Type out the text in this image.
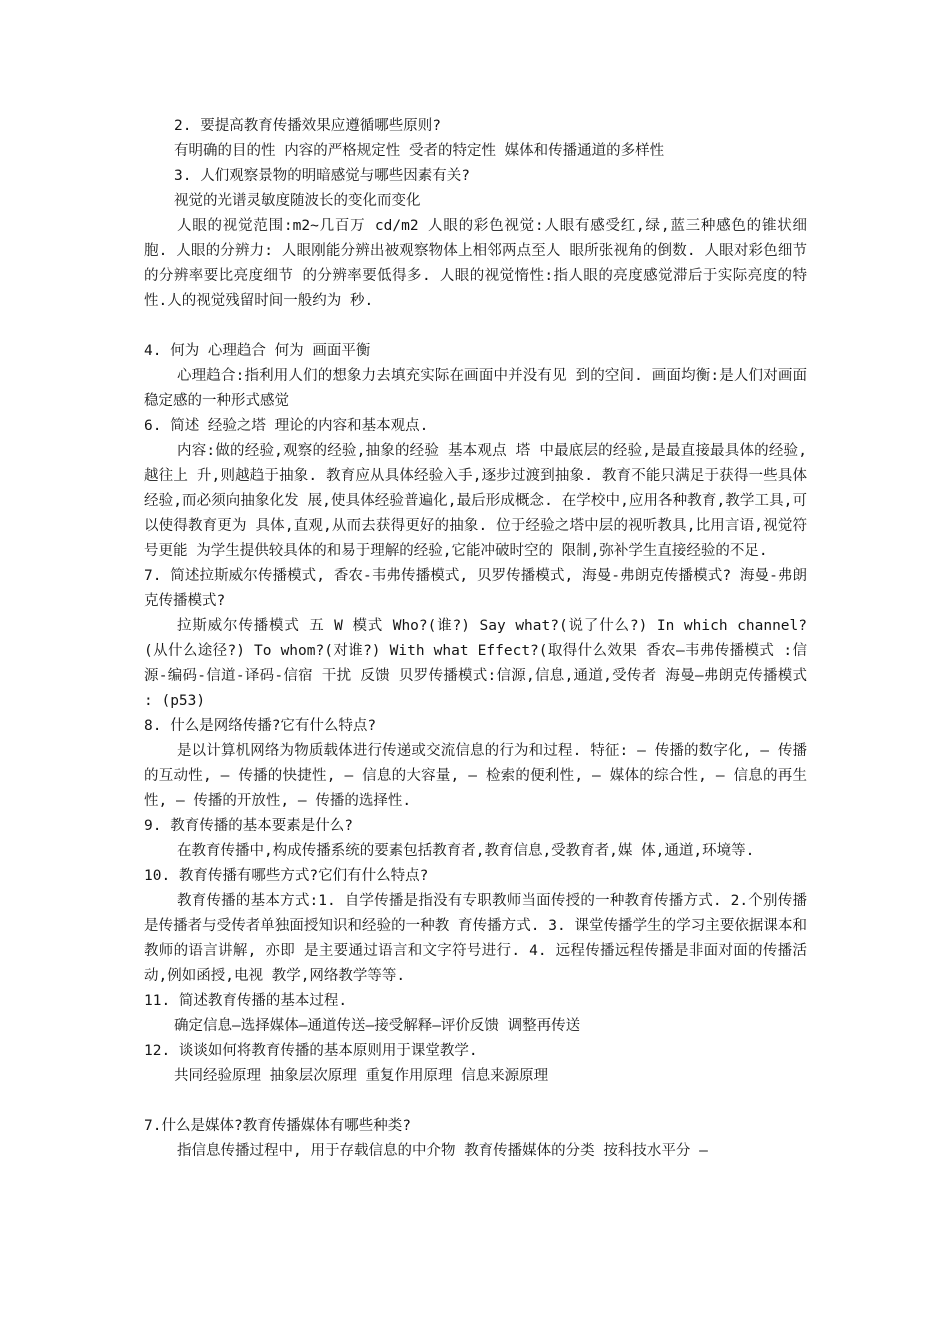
2. 要提高教育传播效果应遵循哪些原则?
有明确的目的性 内容的严格规定性 受者的特定性 媒体和传播通道的多样性
3. 人们观察景物的明暗感觉与哪些因素有关?
视觉的光谱灵敏度随波长的变化而变化
人眼的视觉范围:m2~几百万 cd/m2 人眼的彩色视觉:人眼有感受红,绿,蓝三种感色的锥状细 胞. 人眼的分辨力: 人眼刚能分辨出被观察物体上相邻两点至人 眼所张视角的倒数. 人眼对彩色细节的分辨率要比亮度细节 的分辨率要低得多. 人眼的视觉惰性:指人眼的亮度感觉滞后于实际亮度的特 性.人的视觉残留时间一般约为 秒.
4. 何为 心理趋合 何为 画面平衡
心理趋合:指利用人们的想象力去填充实际在画面中并没有见 到的空间. 画面均衡:是人们对画面稳定感的一种形式感觉
6. 简述 经验之塔 理论的内容和基本观点.
内容:做的经验,观察的经验,抽象的经验 基本观点 塔 中最底层的经验,是最直接最具体的经验,越往上 升,则越趋于抽象. 教育应从具体经验入手,逐步过渡到抽象. 教育不能只满足于获得一些具体经验,而必须向抽象化发 展,使具体经验普遍化,最后形成概念. 在学校中,应用各种教育,教学工具,可以使得教育更为 具体,直观,从而去获得更好的抽象. 位于经验之塔中层的视听教具,比用言语,视觉符号更能 为学生提供较具体的和易于理解的经验,它能冲破时空的 限制,弥补学生直接经验的不足.
7. 简述拉斯威尔传播模式, 香农-韦弗传播模式, 贝罗传播模式, 海曼-弗朗克传播模式? 海曼-弗朗克传播模式?
拉斯威尔传播模式 五 W 模式 Who?(谁?) Say what?(说了什么?) In which channel?(从什么途径?) To whom?(对谁?) With what Effect?(取得什么效果 香农—韦弗传播模式 :信源-编码-信道-译码-信宿 干扰 反馈 贝罗传播模式:信源,信息,通道,受传者 海曼—弗朗克传播模式 : (p53)
8. 什么是网络传播?它有什么特点?
是以计算机网络为物质载体进行传递或交流信息的行为和过程. 特征: – 传播的数字化, – 传播的互动性, – 传播的快捷性, – 信息的大容量, – 检索的便利性, – 媒体的综合性, – 信息的再生性, – 传播的开放性, – 传播的选择性.
9. 教育传播的基本要素是什么?
在教育传播中,构成传播系统的要素包括教育者,教育信息,受教育者,媒 体,通道,环境等.
10. 教育传播有哪些方式?它们有什么特点?
教育传播的基本方式:1. 自学传播是指没有专职教师当面传授的一种教育传播方式. 2.个别传播是传播者与受传者单独面授知识和经验的一种教 育传播方式. 3. 课堂传播学生的学习主要依据课本和教师的语言讲解, 亦即 是主要通过语言和文字符号进行. 4. 远程传播远程传播是非面对面的传播活动,例如函授,电视 教学,网络教学等等.
11. 简述教育传播的基本过程.
确定信息—选择媒体—通道传送—接受解释—评价反馈 调整再传送
12. 谈谈如何将教育传播的基本原则用于课堂教学.
共同经验原理 抽象层次原理 重复作用原理 信息来源原理
7.什么是媒体?教育传播媒体有哪些种类?
指信息传播过程中, 用于存载信息的中介物 教育传播媒体的分类 按科技水平分 –
